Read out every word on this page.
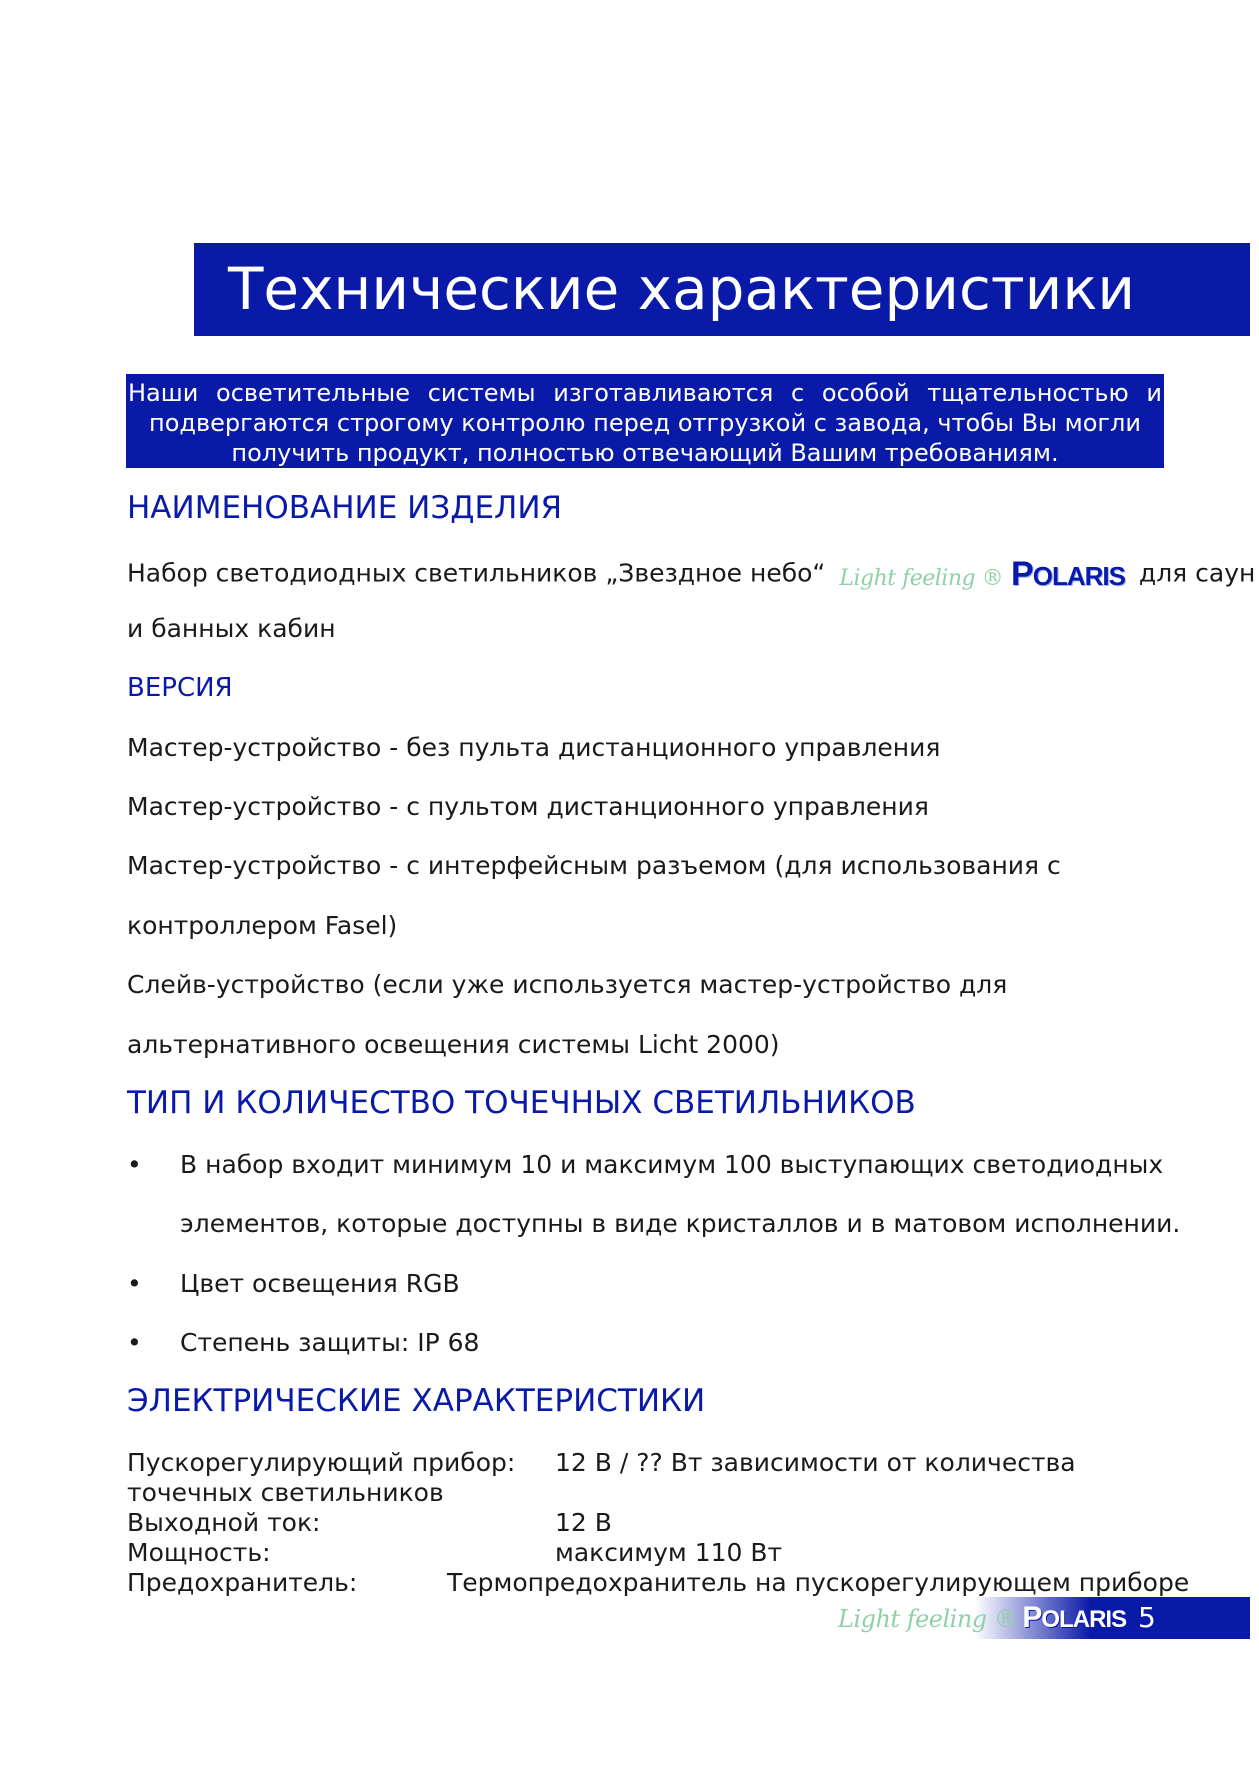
Технические характеристики
Наши осветительные системы изготавливаются с особой тщательностью и
подвергаются строгому контролю перед отгрузкой с завода, чтобы Вы могли
получить продукт, полностью отвечающий Вашим требованиям.
НАИМЕНОВАНИЕ ИЗДЕЛИЯ
Набор светодиодных светильников „Звездное небо“ Light feeling ® POLARIS для саун
и банных кабин
ВЕРСИЯ
Мастер-устройство - без пульта дистанционного управления
Мастер-устройство - с пультом дистанционного управления
Мастер-устройство - с интерфейсным разъемом (для использования с
контроллером Fasel)
Слейв-устройство (если уже используется мастер-устройство для
альтернативного освещения системы Licht 2000)
ТИП И КОЛИЧЕСТВО ТОЧЕЧНЫХ СВЕТИЛЬНИКОВ
• В набор входит минимум 10 и максимум 100 выступающих светодиодных
элементов, которые доступны в виде кристаллов и в матовом исполнении.
• Цвет освещения RGB
• Степень защиты: IP 68
ЭЛЕКТРИЧЕСКИЕ ХАРАКТЕРИСТИКИ
Пускорегулирующий прибор: 12 В / ?? Вт зависимости от количества
точечных светильников
Выходной ток:	12 В
Мощность:	максимум 110 Вт
Предохранитель:	Термопредохранитель на пускорегулирующем приборе
Light feeling ® POLARIS 5
